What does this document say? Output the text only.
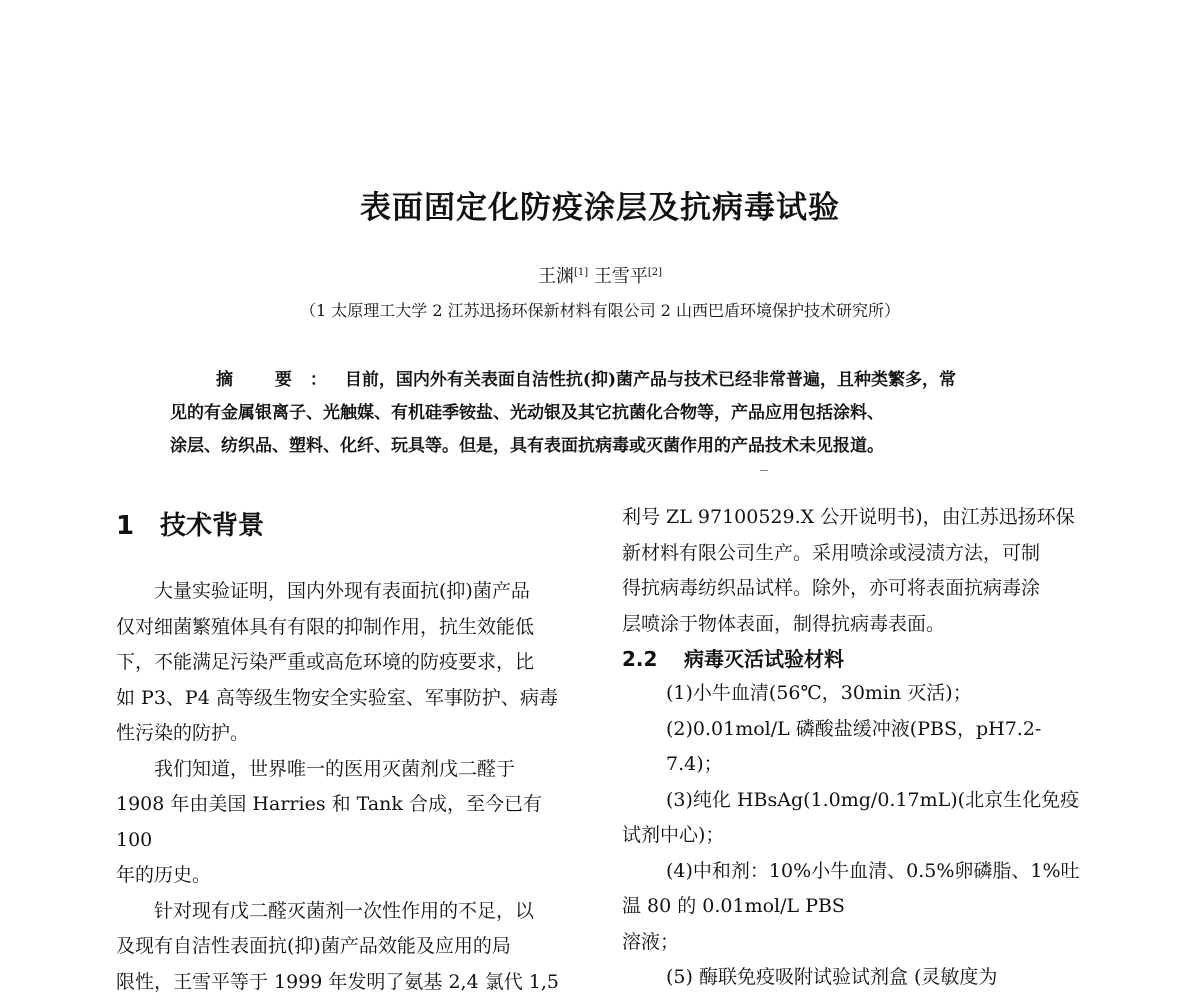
表面固定化防疫涂层及抗病毒试验
王渊[1] 王雪平[2]
（1 太原理工大学 2 江苏迅扬环保新材料有限公司 2 山西巴盾环境保护技术研究所）
摘 要：目前，国内外有关表面自洁性抗(抑)菌产品与技术已经非常普遍，且种类繁多，常
见的有金属银离子、光触媒、有机硅季铵盐、光动银及其它抗菌化合物等，产品应用包括涂料、
涂层、纺织品、塑料、化纤、玩具等。但是，具有表面抗病毒或灭菌作用的产品技术未见报道。
1 技术背景

大量实验证明，国内外现有表面抗(抑)菌产品

仅对细菌繁殖体具有有限的抑制作用，抗生效能低

下，不能满足污染严重或高危环境的防疫要求，比

如 P3、P4 高等级生物安全实验室、军事防护、病毒

性污染的防护。

我们知道，世界唯一的医用灭菌剂戊二醛于

1908 年由美国 Harries 和 Tank 合成，至今已有 100

年的历史。

针对现有戊二醛灭菌剂一次性作用的不足，以

及现有自洁性表面抗(抑)菌产品效能及应用的局

限性，王雪平等于 1999 年发明了氨基 2,4 氯代 1,5

利号 ZL 97100529.X 公开说明书)，由江苏迅扬环保

新材料有限公司生产。采用喷涂或浸渍方法，可制

得抗病毒纺织品试样。除外，亦可将表面抗病毒涂

层喷涂于物体表面，制得抗病毒表面。

2.2 病毒灭活试验材料

(1)小牛血清(56℃，30min 灭活)；

(2)0.01mol/L 磷酸盐缓冲液(PBS，pH7.2-7.4)；

(3)纯化 HBsAg(1.0mg/0.17mL)(北京生化免疫

试剂中心)；

(4)中和剂：10%小牛血清、0.5%卵磷脂、1%吐

温 80 的 0.01mol/L PBS

溶液；

(5) 酶联免疫吸附试验试剂盒 (灵敏度为
